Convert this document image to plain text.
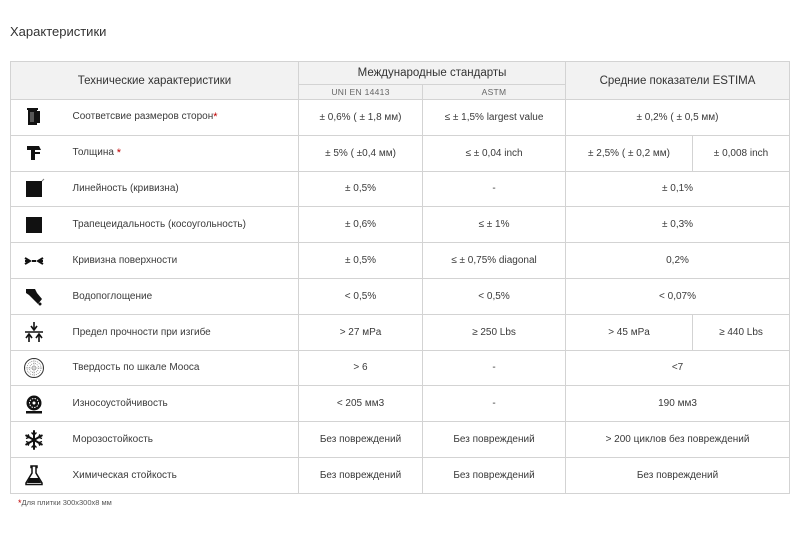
Характеристики
Технические характеристики		Международные стандарты		Средние показатели ESTIMA	
		UNI EN 14413	ASTM		

	Соответсвие размеров сторон*	± 0,6% ( ± 1,8 мм)	≤ ± 1,5% largest value	± 0,2% ( ± 0,5 мм)	

	Толщина *	± 5% ( ±0,4 мм)	≤ ± 0,04 inch	± 2,5% ( ± 0,2 мм)	± 0,008 inch

	Линейность (кривизна)	± 0,5%	-	± 0,1%	

	Трапецеидальность (косоугольность)	± 0,6%	≤ ± 1%	± 0,3%	

	Кривизна поверхности	± 0,5%	≤ ± 0,75% diagonal	0,2%	

	Водопоглощение	< 0,5%	< 0,5%	< 0,07%	

	Предел прочности при изгибе	> 27 мPa	≥ 250 Lbs	> 45 мPa	≥ 440 Lbs

	Твердость по шкале Мооса	> 6	-	<7	

	Износоустойчивость	< 205 мм3	-	190 мм3	

	Морозостойкость	Без повреждений	Без повреждений	> 200 циклов без повреждений	

	Химическая стойкость	Без повреждений	Без повреждений	Без повреждений	
*Для плитки 300x300x8 мм
